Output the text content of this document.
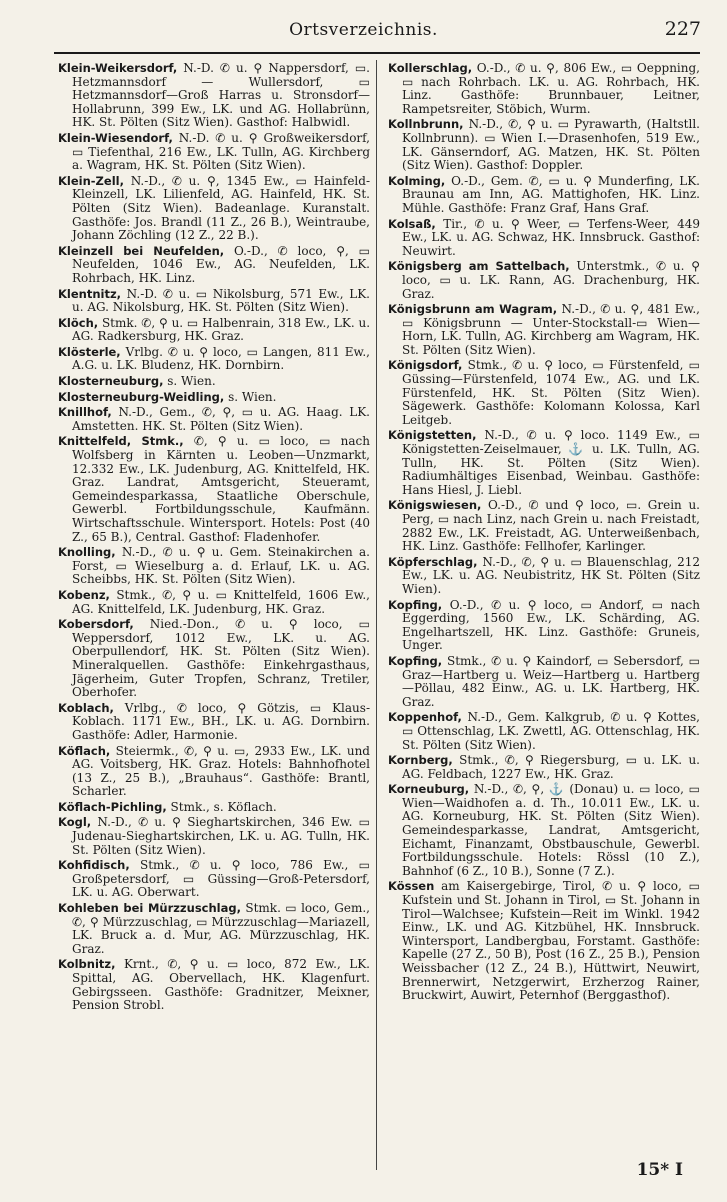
Ortsverzeichnis.	227

Klein-Weikersdorf, N.-D. ✆ u. ⚲ Nappersdorf, ▭. Hetzmannsdorf — Wullersdorf, ▭ Hetzmannsdorf—Groß Harras u. Stronsdorf—Hollabrunn, 399 Ew., LK. und AG. Hollabrünn, HK. St. Pölten (Sitz Wien). Gasthof: Halbwidl.

Klein-Wiesendorf, N.-D. ✆ u. ⚲ Großweikersdorf, ▭ Tiefenthal, 216 Ew., LK. Tulln, AG. Kirchberg a. Wagram, HK. St. Pölten (Sitz Wien).

Klein-Zell, N.-D., ✆ u. ⚲, 1345 Ew., ▭ Hainfeld-Kleinzell, LK. Lilienfeld, AG. Hainfeld, HK. St. Pölten (Sitz Wien). Badeanlage. Kuranstalt. Gasthöfe: Jos. Brandl (11 Z., 26 B.), Weintraube, Johann Zöchling (12 Z., 22 B.).

Kleinzell bei Neufelden, O.-D., ✆ loco, ⚲, ▭ Neufelden, 1046 Ew., AG. Neufelden, LK. Rohrbach, HK. Linz.

Klentnitz, N.-D. ✆ u. ▭ Nikolsburg, 571 Ew., LK. u. AG. Nikolsburg, HK. St. Pölten (Sitz Wien).

Klöch, Stmk. ✆, ⚲ u. ▭ Halbenrain, 318 Ew., LK. u. AG. Radkersburg, HK. Graz.

Klösterle, Vrlbg. ✆ u. ⚲ loco, ▭ Langen, 811 Ew., A.G. u. LK. Bludenz, HK. Dornbirn.

Klosterneuburg, s. Wien.

Klosterneuburg-Weidling, s. Wien.

Knillhof, N.-D., Gem., ✆, ⚲, ▭ u. AG. Haag. LK. Amstetten. HK. St. Pölten (Sitz Wien).

Knittelfeld, Stmk., ✆, ⚲ u. ▭ loco, ▭ nach Wolfsberg in Kärnten u. Leoben—Unzmarkt, 12.332 Ew., LK. Judenburg, AG. Knittelfeld, HK. Graz. Landrat, Amtsgericht, Steueramt, Gemeindesparkassa, Staatliche Oberschule, Gewerbl. Fortbildungsschule, Kaufmänn. Wirtschaftsschule. Wintersport. Hotels: Post (40 Z., 65 B.), Central. Gasthof: Fladenhofer.

Knolling, N.-D., ✆ u. ⚲ u. Gem. Steinakirchen a. Forst, ▭ Wieselburg a. d. Erlauf, LK. u. AG. Scheibbs, HK. St. Pölten (Sitz Wien).

Kobenz, Stmk., ✆, ⚲ u. ▭ Knittelfeld, 1606 Ew., AG. Knittelfeld, LK. Judenburg, HK. Graz.

Kobersdorf, Nied.-Don., ✆ u. ⚲ loco, ▭ Weppersdorf, 1012 Ew., LK. u. AG. Oberpullendorf, HK. St. Pölten (Sitz Wien). Mineralquellen. Gasthöfe: Einkehrgasthaus, Jägerheim, Guter Tropfen, Schranz, Tretiler, Oberhofer.

Koblach, Vrlbg., ✆ loco, ⚲ Götzis, ▭ Klaus-Koblach. 1171 Ew., BH., LK. u. AG. Dornbirn. Gasthöfe: Adler, Harmonie.

Köflach, Steiermk., ✆, ⚲ u. ▭, 2933 Ew., LK. und AG. Voitsberg, HK. Graz. Hotels: Bahnhofhotel (13 Z., 25 B.), „Brauhaus“. Gasthöfe: Brantl, Scharler.

Köflach-Pichling, Stmk., s. Köflach.

Kogl, N.-D., ✆ u. ⚲ Sieghartskirchen, 346 Ew. ▭ Judenau-Sieghartskirchen, LK. u. AG. Tulln, HK. St. Pölten (Sitz Wien).

Kohfidisch, Stmk., ✆ u. ⚲ loco, 786 Ew., ▭ Großpetersdorf, ▭ Güssing—Groß-Petersdorf, LK. u. AG. Oberwart.

Kohleben bei Mürzzuschlag, Stmk. ▭ loco, Gem., ✆, ⚲ Mürzzuschlag, ▭ Mürzzuschlag—Mariazell, LK. Bruck a. d. Mur, AG. Mürzzuschlag, HK. Graz.

Kolbnitz, Krnt., ✆, ⚲ u. ▭ loco, 872 Ew., LK. Spittal, AG. Obervellach, HK. Klagenfurt. Gebirgsseen. Gasthöfe: Gradnitzer, Meixner, Pension Strobl.

Kollerschlag, O.-D., ✆ u. ⚲, 806 Ew., ▭ Oeppning, ▭ nach Rohrbach. LK. u. AG. Rohrbach, HK. Linz. Gasthöfe: Brunnbauer, Leitner, Rampetsreiter, Stöbich, Wurm.

Kollnbrunn, N.-D., ✆, ⚲ u. ▭ Pyrawarth, (Haltstll. Kollnbrunn). ▭ Wien I.—Drasenhofen, 519 Ew., LK. Gänserndorf, AG. Matzen, HK. St. Pölten (Sitz Wien). Gasthof: Doppler.

Kolming, O.-D., Gem. ✆, ▭ u. ⚲ Munderfing, LK. Braunau am Inn, AG. Mattighofen, HK. Linz. Mühle. Gasthöfe: Franz Graf, Hans Graf.

Kolsaß, Tir., ✆ u. ⚲ Weer, ▭ Terfens-Weer, 449 Ew., LK. u. AG. Schwaz, HK. Innsbruck. Gasthof: Neuwirt.

Königsberg am Sattelbach, Unterstmk., ✆ u. ⚲ loco, ▭ u. LK. Rann, AG. Drachenburg, HK. Graz.

Königsbrunn am Wagram, N.-D., ✆ u. ⚲, 481 Ew., ▭ Königsbrunn — Unter-Stockstall-▭ Wien—Horn, LK. Tulln, AG. Kirchberg am Wagram, HK. St. Pölten (Sitz Wien).

Königsdorf, Stmk., ✆ u. ⚲ loco, ▭ Fürstenfeld, ▭ Güssing—Fürstenfeld, 1074 Ew., AG. und LK. Fürstenfeld, HK. St. Pölten (Sitz Wien). Sägewerk. Gasthöfe: Kolomann Kolossa, Karl Leitgeb.

Königstetten, N.-D., ✆ u. ⚲ loco. 1149 Ew., ▭ Königstetten-Zeiselmauer, ⚓ u. LK. Tulln, AG. Tulln, HK. St. Pölten (Sitz Wien). Radiumhältiges Eisenbad, Weinbau. Gasthöfe: Hans Hiesl, J. Liebl.

Königswiesen, O.-D., ✆ und ⚲ loco, ▭. Grein u. Perg, ▭ nach Linz, nach Grein u. nach Freistadt, 2882 Ew., LK. Freistadt, AG. Unterweißenbach, HK. Linz. Gasthöfe: Fellhofer, Karlinger.

Köpferschlag, N.-D., ✆, ⚲ u. ▭ Blauenschlag, 212 Ew., LK. u. AG. Neubistritz, HK St. Pölten (Sitz Wien).

Kopfing, O.-D., ✆ u. ⚲ loco, ▭ Andorf, ▭ nach Eggerding, 1560 Ew., LK. Schärding, AG. Engelhartszell, HK. Linz. Gasthöfe: Gruneis, Unger.

Kopfing, Stmk., ✆ u. ⚲ Kaindorf, ▭ Sebersdorf, ▭ Graz—Hartberg u. Weiz—Hartberg u. Hartberg—Pöllau, 482 Einw., AG. u. LK. Hartberg, HK. Graz.

Koppenhof, N.-D., Gem. Kalkgrub, ✆ u. ⚲ Kottes, ▭ Ottenschlag, LK. Zwettl, AG. Ottenschlag, HK. St. Pölten (Sitz Wien).

Kornberg, Stmk., ✆, ⚲ Riegersburg, ▭ u. LK. u. AG. Feldbach, 1227 Ew., HK. Graz.

Korneuburg, N.-D., ✆, ⚲, ⚓ (Donau) u. ▭ loco, ▭ Wien—Waidhofen a. d. Th., 10.011 Ew., LK. u. AG. Korneuburg, HK. St. Pölten (Sitz Wien). Gemeindesparkasse, Landrat, Amtsgericht, Eichamt, Finanzamt, Obstbauschule, Gewerbl. Fortbildungsschule. Hotels: Rössl (10 Z.), Bahnhof (6 Z., 10 B.), Sonne (7 Z.).

Kössen am Kaisergebirge, Tirol, ✆ u. ⚲ loco, ▭ Kufstein und St. Johann in Tirol, ▭ St. Johann in Tirol—Walchsee; Kufstein—Reit im Winkl. 1942 Einw., LK. und AG. Kitzbühel, HK. Innsbruck. Wintersport, Landbergbau, Forstamt. Gasthöfe: Kapelle (27 Z., 50 B), Post (16 Z., 25 B.), Pension Weissbacher (12 Z., 24 B.), Hüttwirt, Neuwirt, Brennerwirt, Netzgerwirt, Erzherzog Rainer, Bruckwirt, Auwirt, Peternhof (Berggasthof).

15* I
